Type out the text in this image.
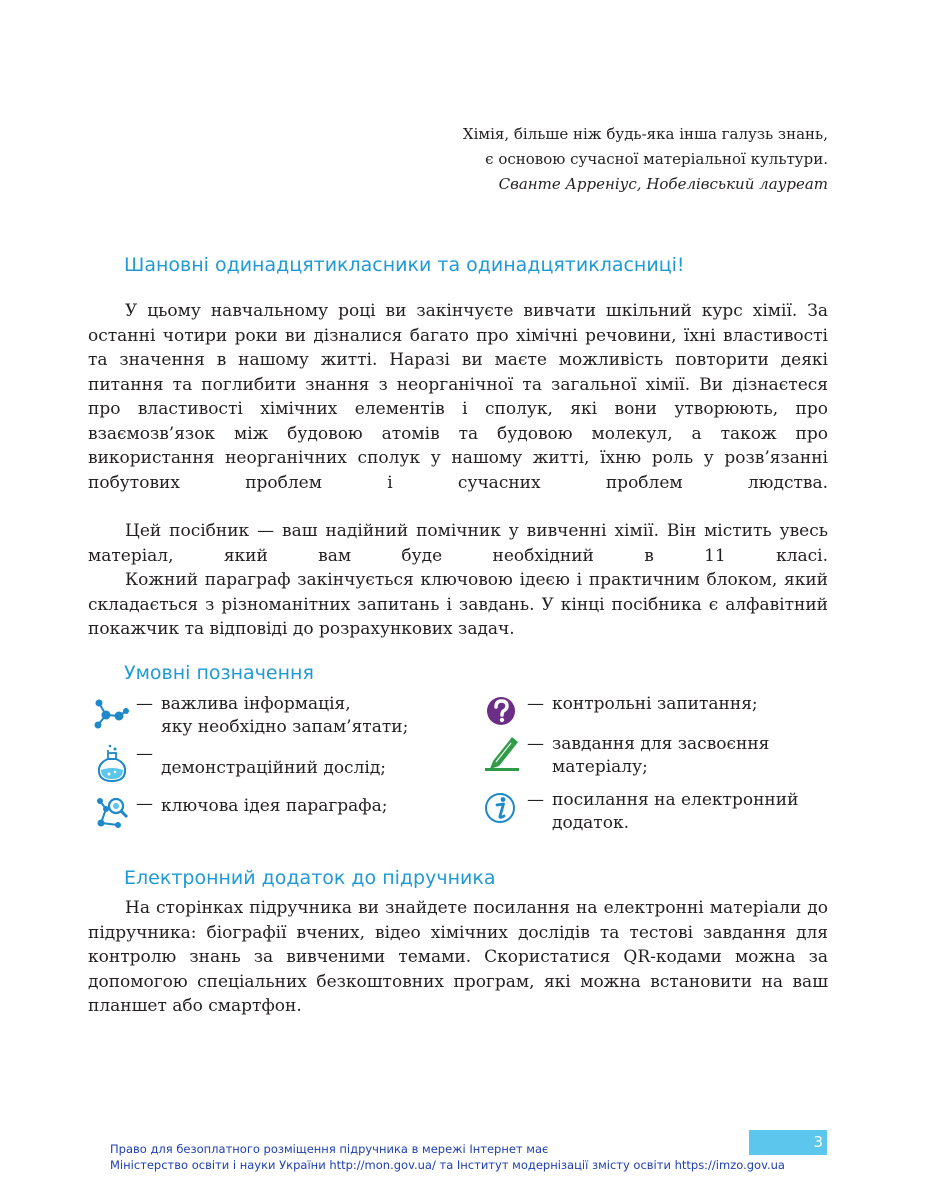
Хімія, більше ніж будь-яка інша галузь знань,
є основою сучасної матеріальної культури.
Сванте Арреніус, Нобелівський лауреат
Шановні одинадцятикласники та одинадцятикласниці!

У цьому навчальному році ви закінчуєте вивчати шкільний курс хімії. За останні чотири роки ви дізналися багато про хімічні речовини, їхні властивості та значення в нашому житті. Наразі ви маєте можливість повторити деякі питання та поглибити знання з неорганічної та загальної хімії. Ви дізнаєтеся про властивості хімічних елементів і сполук, які вони утворюють, про взаємозв’язок між будовою атомів та будовою молекул, а також про використання неорганічних сполук у нашому житті, їхню роль у розв’язанні побутових проблем і сучасних проблем людства.

Цей посібник — ваш надійний помічник у вивченні хімії. Він містить увесь матеріал, який вам буде необхідний в 11 класі.

Кожний параграф закінчується ключовою ідеєю і практичним блоком, який складається з різноманітних запитань і завдань. У кінці посібника є алфавітний покажчик та відповіді до розрахункових задач.

Умовні позначення
— важлива інформація,
яку необхідно запам’ятати;
—
демонстраційний дослід;
— ключова ідея параграфа;
— контрольні запитання;
— завдання для засвоєння
матеріалу;
— посилання на електронний
додаток.
Електронний додаток до підручника

На сторінках підручника ви знайдете посилання на електронні матеріали до підручника: біографії вчених, відео хімічних дослідів та тестові завдання для контролю знань за вивченими темами. Скористатися QR-кодами можна за допомогою спеціальних безкоштовних програм, які можна встановити на ваш планшет або смартфон.

3
Право для безоплатного розміщення підручника в мережі Інтернет має
Міністерство освіти і науки України http://mon.gov.ua/ та Інститут модернізації змісту освіти https://imzo.gov.ua
